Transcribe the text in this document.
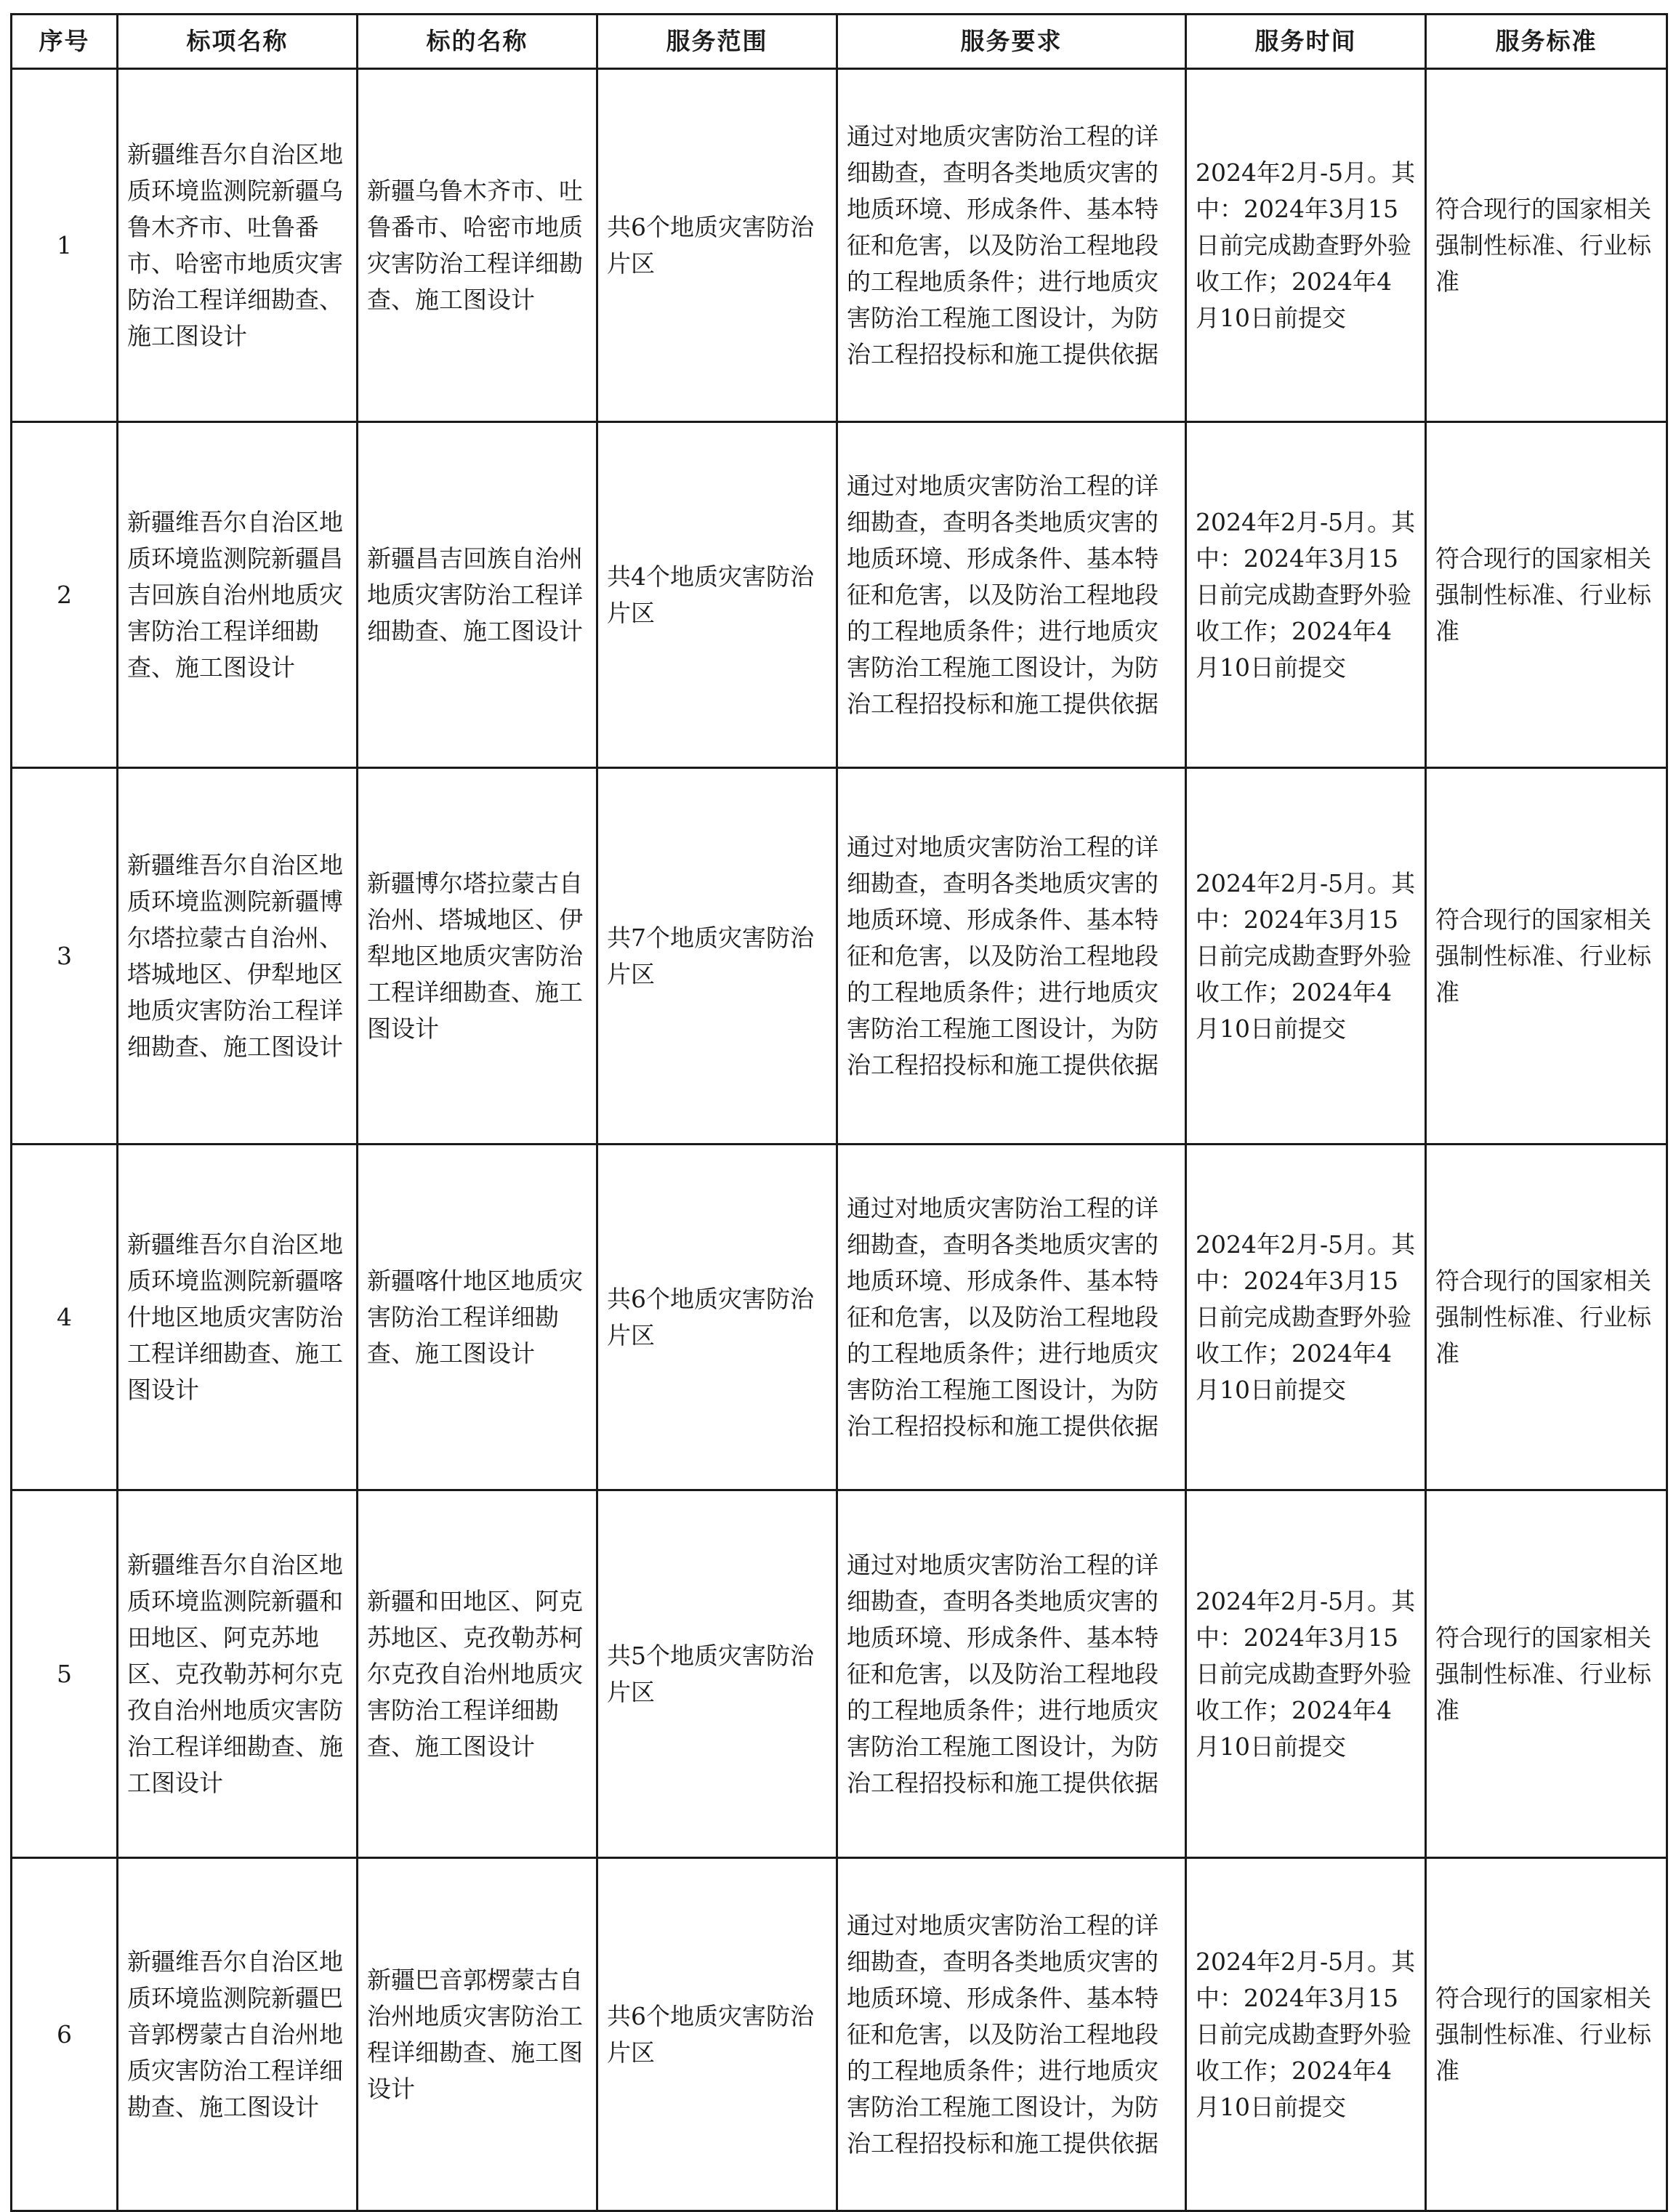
序号	标项名称	标的名称	服务范围	服务要求	服务时间	服务标准
1	新疆维吾尔自治区地质环境监测院新疆乌鲁木齐市、吐鲁番市、哈密市地质灾害防治工程详细勘查、施工图设计	新疆乌鲁木齐市、吐鲁番市、哈密市地质灾害防治工程详细勘查、施工图设计	共6个地质灾害防治片区	通过对地质灾害防治工程的详细勘查，查明各类地质灾害的地质环境、形成条件、基本特征和危害，以及防治工程地段的工程地质条件；进行地质灾害防治工程施工图设计，为防治工程招投标和施工提供依据	2024年2月-5月。其中：2024年3月15日前完成勘查野外验收工作；2024年4 月10日前提交	符合现行的国家相关强制性标准、行业标准
2	新疆维吾尔自治区地质环境监测院新疆昌吉回族自治州地质灾害防治工程详细勘查、施工图设计	新疆昌吉回族自治州地质灾害防治工程详细勘查、施工图设计	共4个地质灾害防治片区	通过对地质灾害防治工程的详细勘查，查明各类地质灾害的地质环境、形成条件、基本特征和危害，以及防治工程地段的工程地质条件；进行地质灾害防治工程施工图设计，为防治工程招投标和施工提供依据	2024年2月-5月。其中：2024年3月15日前完成勘查野外验收工作；2024年4 月10日前提交	符合现行的国家相关强制性标准、行业标准
3	新疆维吾尔自治区地质环境监测院新疆博尔塔拉蒙古自治州、塔城地区、伊犁地区地质灾害防治工程详细勘查、施工图设计	新疆博尔塔拉蒙古自治州、塔城地区、伊犁地区地质灾害防治工程详细勘查、施工图设计	共7个地质灾害防治片区	通过对地质灾害防治工程的详细勘查，查明各类地质灾害的地质环境、形成条件、基本特征和危害，以及防治工程地段的工程地质条件；进行地质灾害防治工程施工图设计，为防治工程招投标和施工提供依据	2024年2月-5月。其中：2024年3月15日前完成勘查野外验收工作；2024年4 月10日前提交	符合现行的国家相关强制性标准、行业标准
4	新疆维吾尔自治区地质环境监测院新疆喀什地区地质灾害防治工程详细勘查、施工图设计	新疆喀什地区地质灾害防治工程详细勘查、施工图设计	共6个地质灾害防治片区	通过对地质灾害防治工程的详细勘查，查明各类地质灾害的地质环境、形成条件、基本特征和危害，以及防治工程地段的工程地质条件；进行地质灾害防治工程施工图设计，为防治工程招投标和施工提供依据	2024年2月-5月。其中：2024年3月15日前完成勘查野外验收工作；2024年4 月10日前提交	符合现行的国家相关强制性标准、行业标准
5	新疆维吾尔自治区地质环境监测院新疆和田地区、阿克苏地区、克孜勒苏柯尔克孜自治州地质灾害防治工程详细勘查、施工图设计	新疆和田地区、阿克苏地区、克孜勒苏柯尔克孜自治州地质灾害防治工程详细勘查、施工图设计	共5个地质灾害防治片区	通过对地质灾害防治工程的详细勘查，查明各类地质灾害的地质环境、形成条件、基本特征和危害，以及防治工程地段的工程地质条件；进行地质灾害防治工程施工图设计，为防治工程招投标和施工提供依据	2024年2月-5月。其中：2024年3月15日前完成勘查野外验收工作；2024年4 月10日前提交	符合现行的国家相关强制性标准、行业标准
6	新疆维吾尔自治区地质环境监测院新疆巴音郭楞蒙古自治州地质灾害防治工程详细勘查、施工图设计	新疆巴音郭楞蒙古自治州地质灾害防治工程详细勘查、施工图设计	共6个地质灾害防治片区	通过对地质灾害防治工程的详细勘查，查明各类地质灾害的地质环境、形成条件、基本特征和危害，以及防治工程地段的工程地质条件；进行地质灾害防治工程施工图设计，为防治工程招投标和施工提供依据	2024年2月-5月。其中：2024年3月15日前完成勘查野外验收工作；2024年4 月10日前提交	符合现行的国家相关强制性标准、行业标准
